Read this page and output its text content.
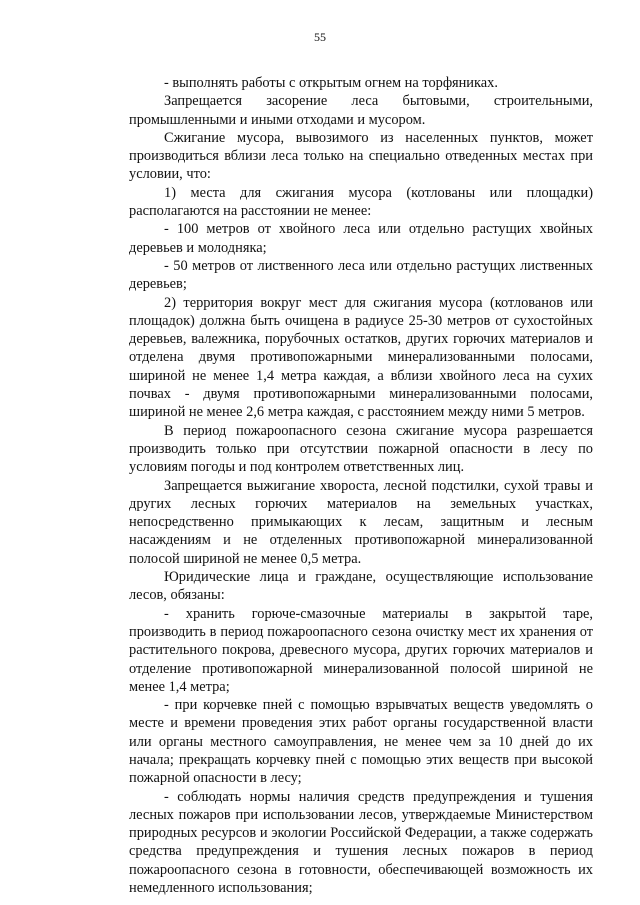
55

- выполнять работы с открытым огнем на торфяниках.

Запрещается засорение леса бытовыми, строительными, промышленными и иными отходами и мусором.

Сжигание мусора, вывозимого из населенных пунктов, может производиться вблизи леса только на специально отведенных местах при условии, что:

1) места для сжигания мусора (котлованы или площадки) располагаются на расстоянии не менее:

- 100 метров от хвойного леса или отдельно растущих хвойных деревьев и молодняка;

- 50 метров от лиственного леса или отдельно растущих лиственных деревьев;

2) территория вокруг мест для сжигания мусора (котлованов или площадок) должна быть очищена в радиусе 25-30 метров от сухостойных деревьев, валежника, порубочных остатков, других горючих материалов и отделена двумя противопожарными минерализованными полосами, шириной не менее 1,4 метра каждая, а вблизи хвойного леса на сухих почвах - двумя противопожарными минерализованными полосами, шириной не менее 2,6 метра каждая, с расстоянием между ними 5 метров.

В период пожароопасного сезона сжигание мусора разрешается производить только при отсутствии пожарной опасности в лесу по условиям погоды и под контролем ответственных лиц.

Запрещается выжигание хвороста, лесной подстилки, сухой травы и других лесных горючих материалов на земельных участках, непосредственно примыкающих к лесам, защитным и лесным насаждениям и не отделенных противопожарной минерализованной полосой шириной не менее 0,5 метра.

Юридические лица и граждане, осуществляющие использование лесов, обязаны:

- хранить горюче-смазочные материалы в закрытой таре, производить в период пожароопасного сезона очистку мест их хранения от растительного покрова, древесного мусора, других горючих материалов и отделение противопожарной минерализованной полосой шириной не менее 1,4 метра;

- при корчевке пней с помощью взрывчатых веществ уведомлять о месте и времени проведения этих работ органы государственной власти или органы местного самоуправления, не менее чем за 10 дней до их начала; прекращать корчевку пней с помощью этих веществ при высокой пожарной опасности в лесу;

- соблюдать нормы наличия средств предупреждения и тушения лесных пожаров при использовании лесов, утверждаемые Министерством природных ресурсов и экологии Российской Федерации, а также содержать средства предупреждения и тушения лесных пожаров в период пожароопасного сезона в готовности, обеспечивающей возможность их немедленного использования;
